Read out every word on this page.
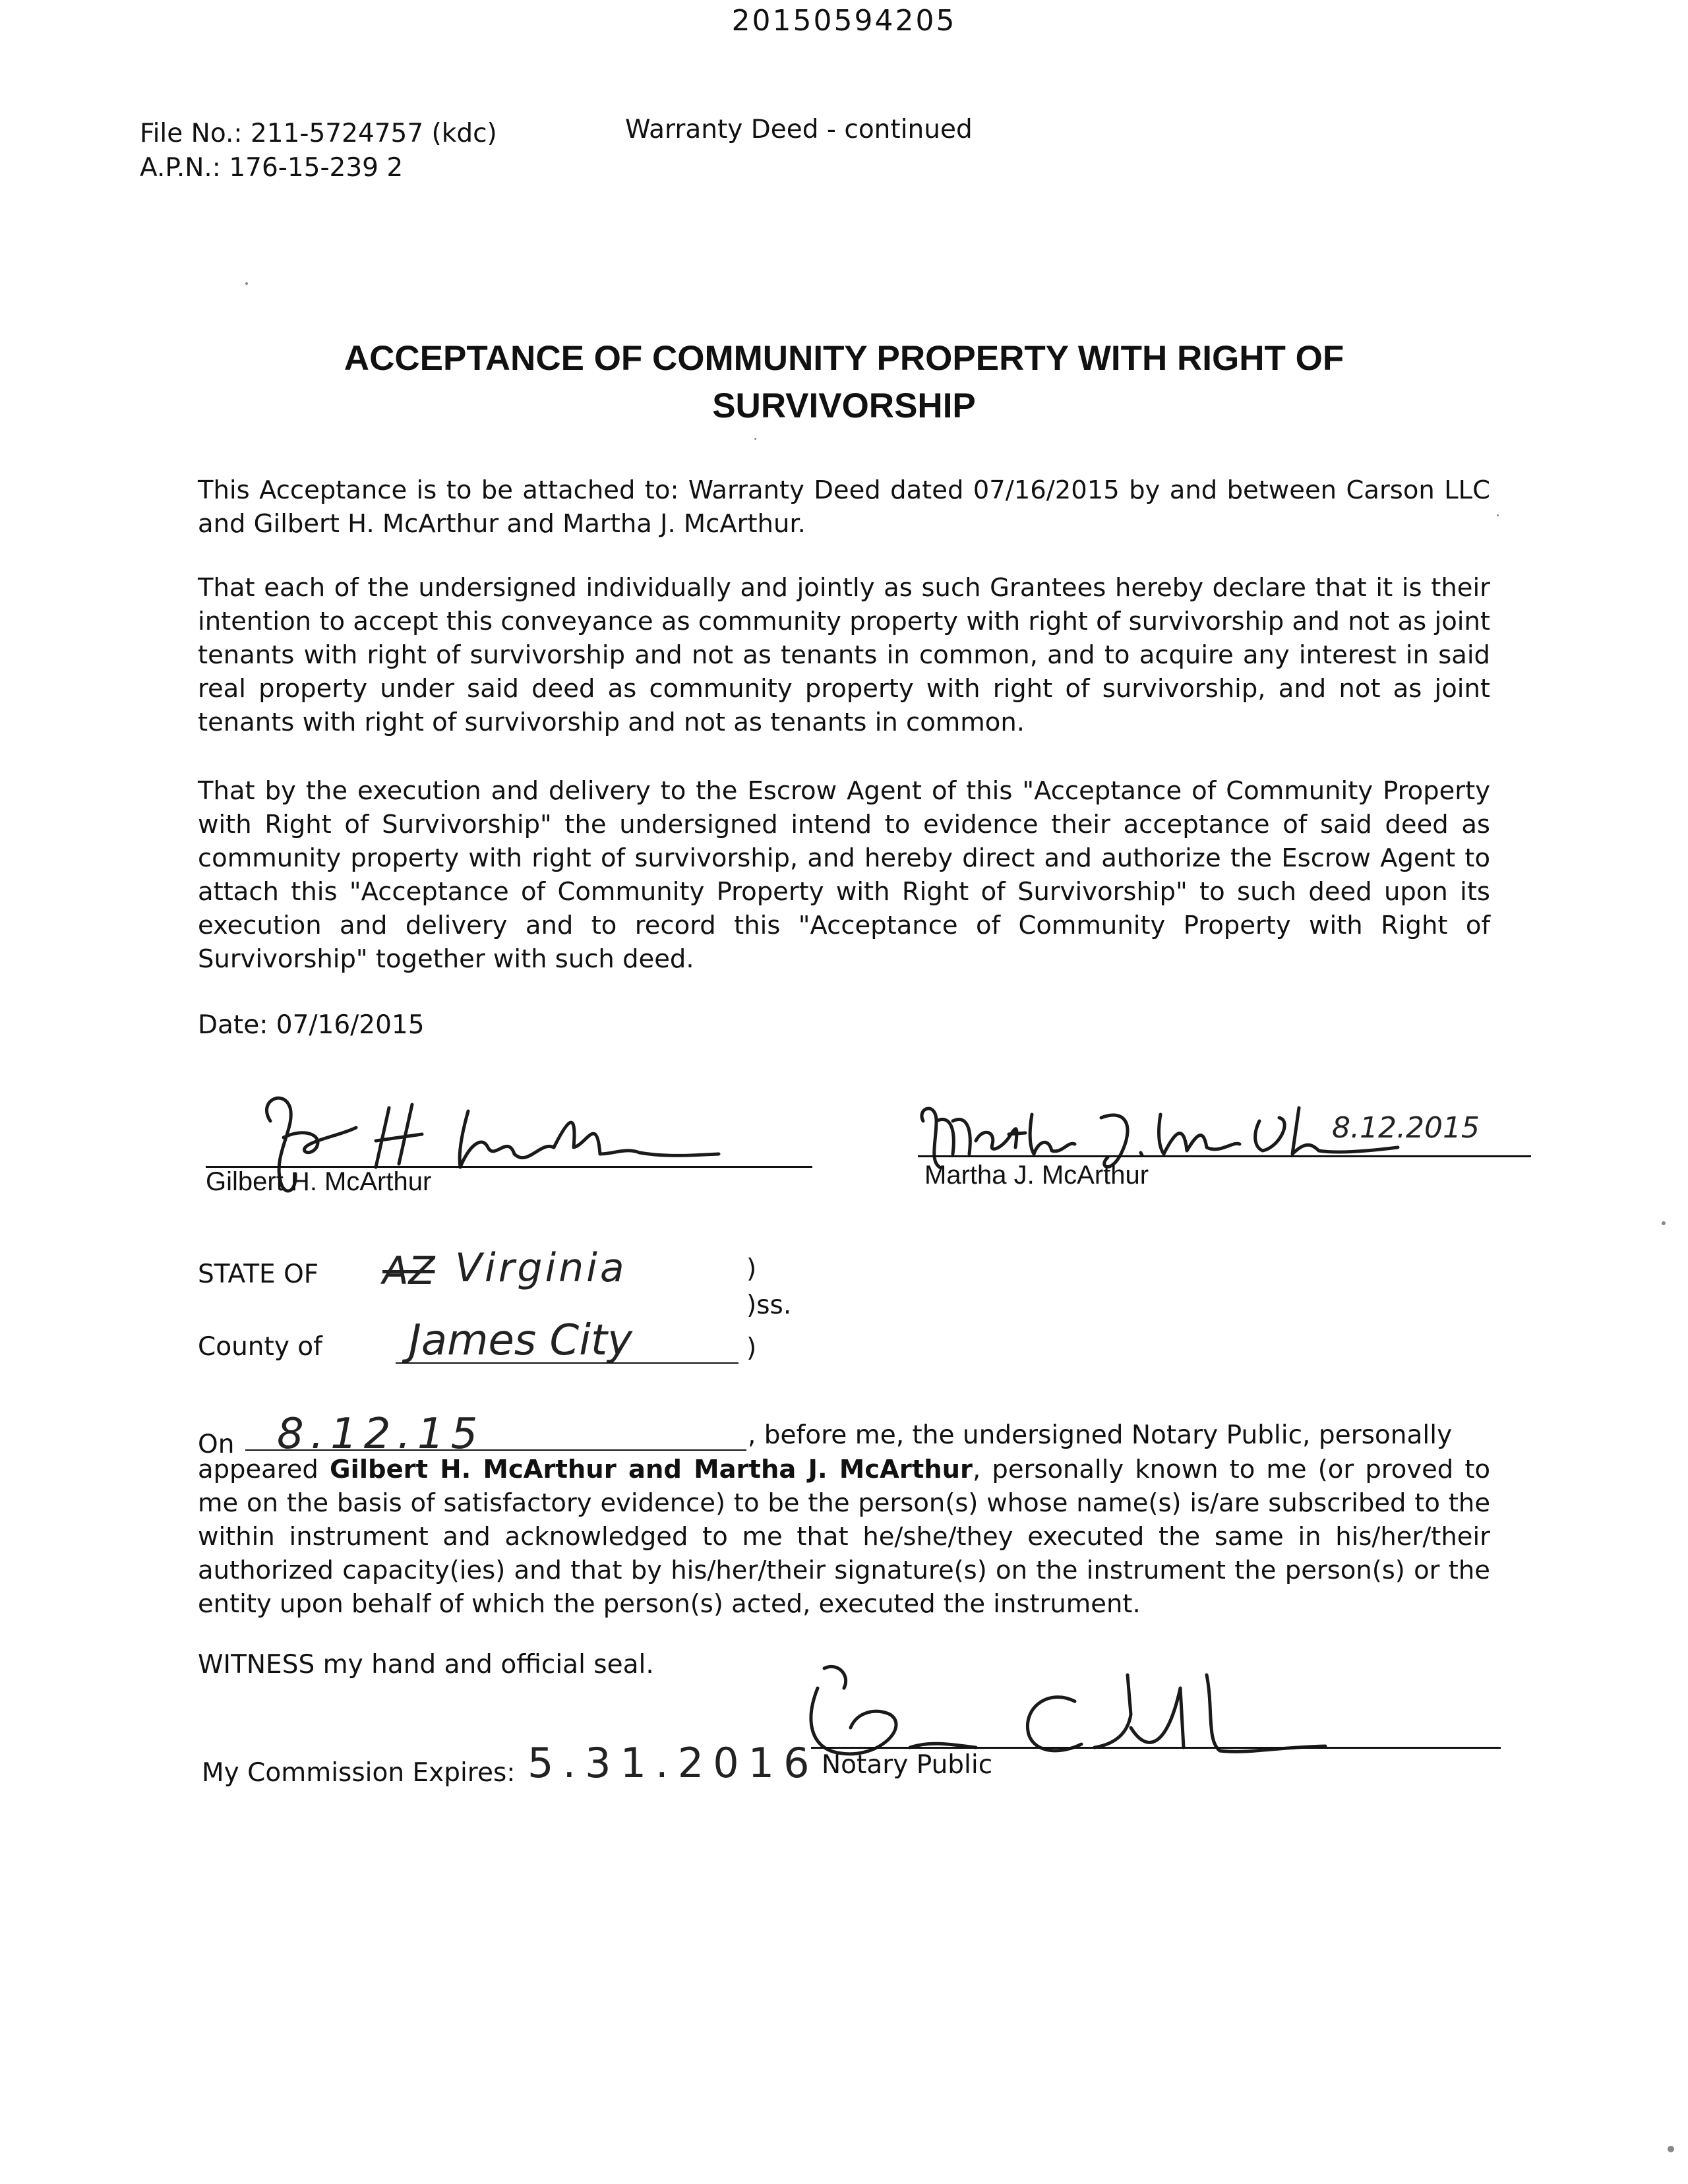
20150594205
File No.: 211-5724757 (kdc)
A.P.N.: 176-15-239 2
Warranty Deed - continued
ACCEPTANCE OF COMMUNITY PROPERTY WITH RIGHT OF
SURVIVORSHIP
This Acceptance is to be attached to: Warranty Deed dated 07/16/2015 by and between Carson LLC and Gilbert H. McArthur and Martha J. McArthur.
That each of the undersigned individually and jointly as such Grantees hereby declare that it is their intention to accept this conveyance as community property with right of survivorship and not as joint tenants with right of survivorship and not as tenants in common, and to acquire any interest in said real property under said deed as community property with right of survivorship, and not as joint tenants with right of survivorship and not as tenants in common.
That by the execution and delivery to the Escrow Agent of this "Acceptance of Community Property with Right of Survivorship" the undersigned intend to evidence their acceptance of said deed as community property with right of survivorship, and hereby direct and authorize the Escrow Agent to attach this "Acceptance of Community Property with Right of Survivorship" to such deed upon its execution and delivery and to record this "Acceptance of Community Property with Right of Survivorship" together with such deed.
Date: 07/16/2015
Gilbert H. McArthur
8.12.2015
Martha J. McArthur
STATE OF AZ Virginia	)
)ss.
County of James City	)
On 8.12.15	, before me, the undersigned Notary Public, personally
appeared Gilbert H. McArthur and Martha J. McArthur, personally known to me (or proved to me on the basis of satisfactory evidence) to be the person(s) whose name(s) is/are subscribed to the within instrument and acknowledged to me that he/she/they executed the same in his/her/their authorized capacity(ies) and that by his/her/their signature(s) on the instrument the person(s) or the entity upon behalf of which the person(s) acted, executed the instrument.
WITNESS my hand and official seal.
Notary Public
My Commission Expires: 5.31.2016
